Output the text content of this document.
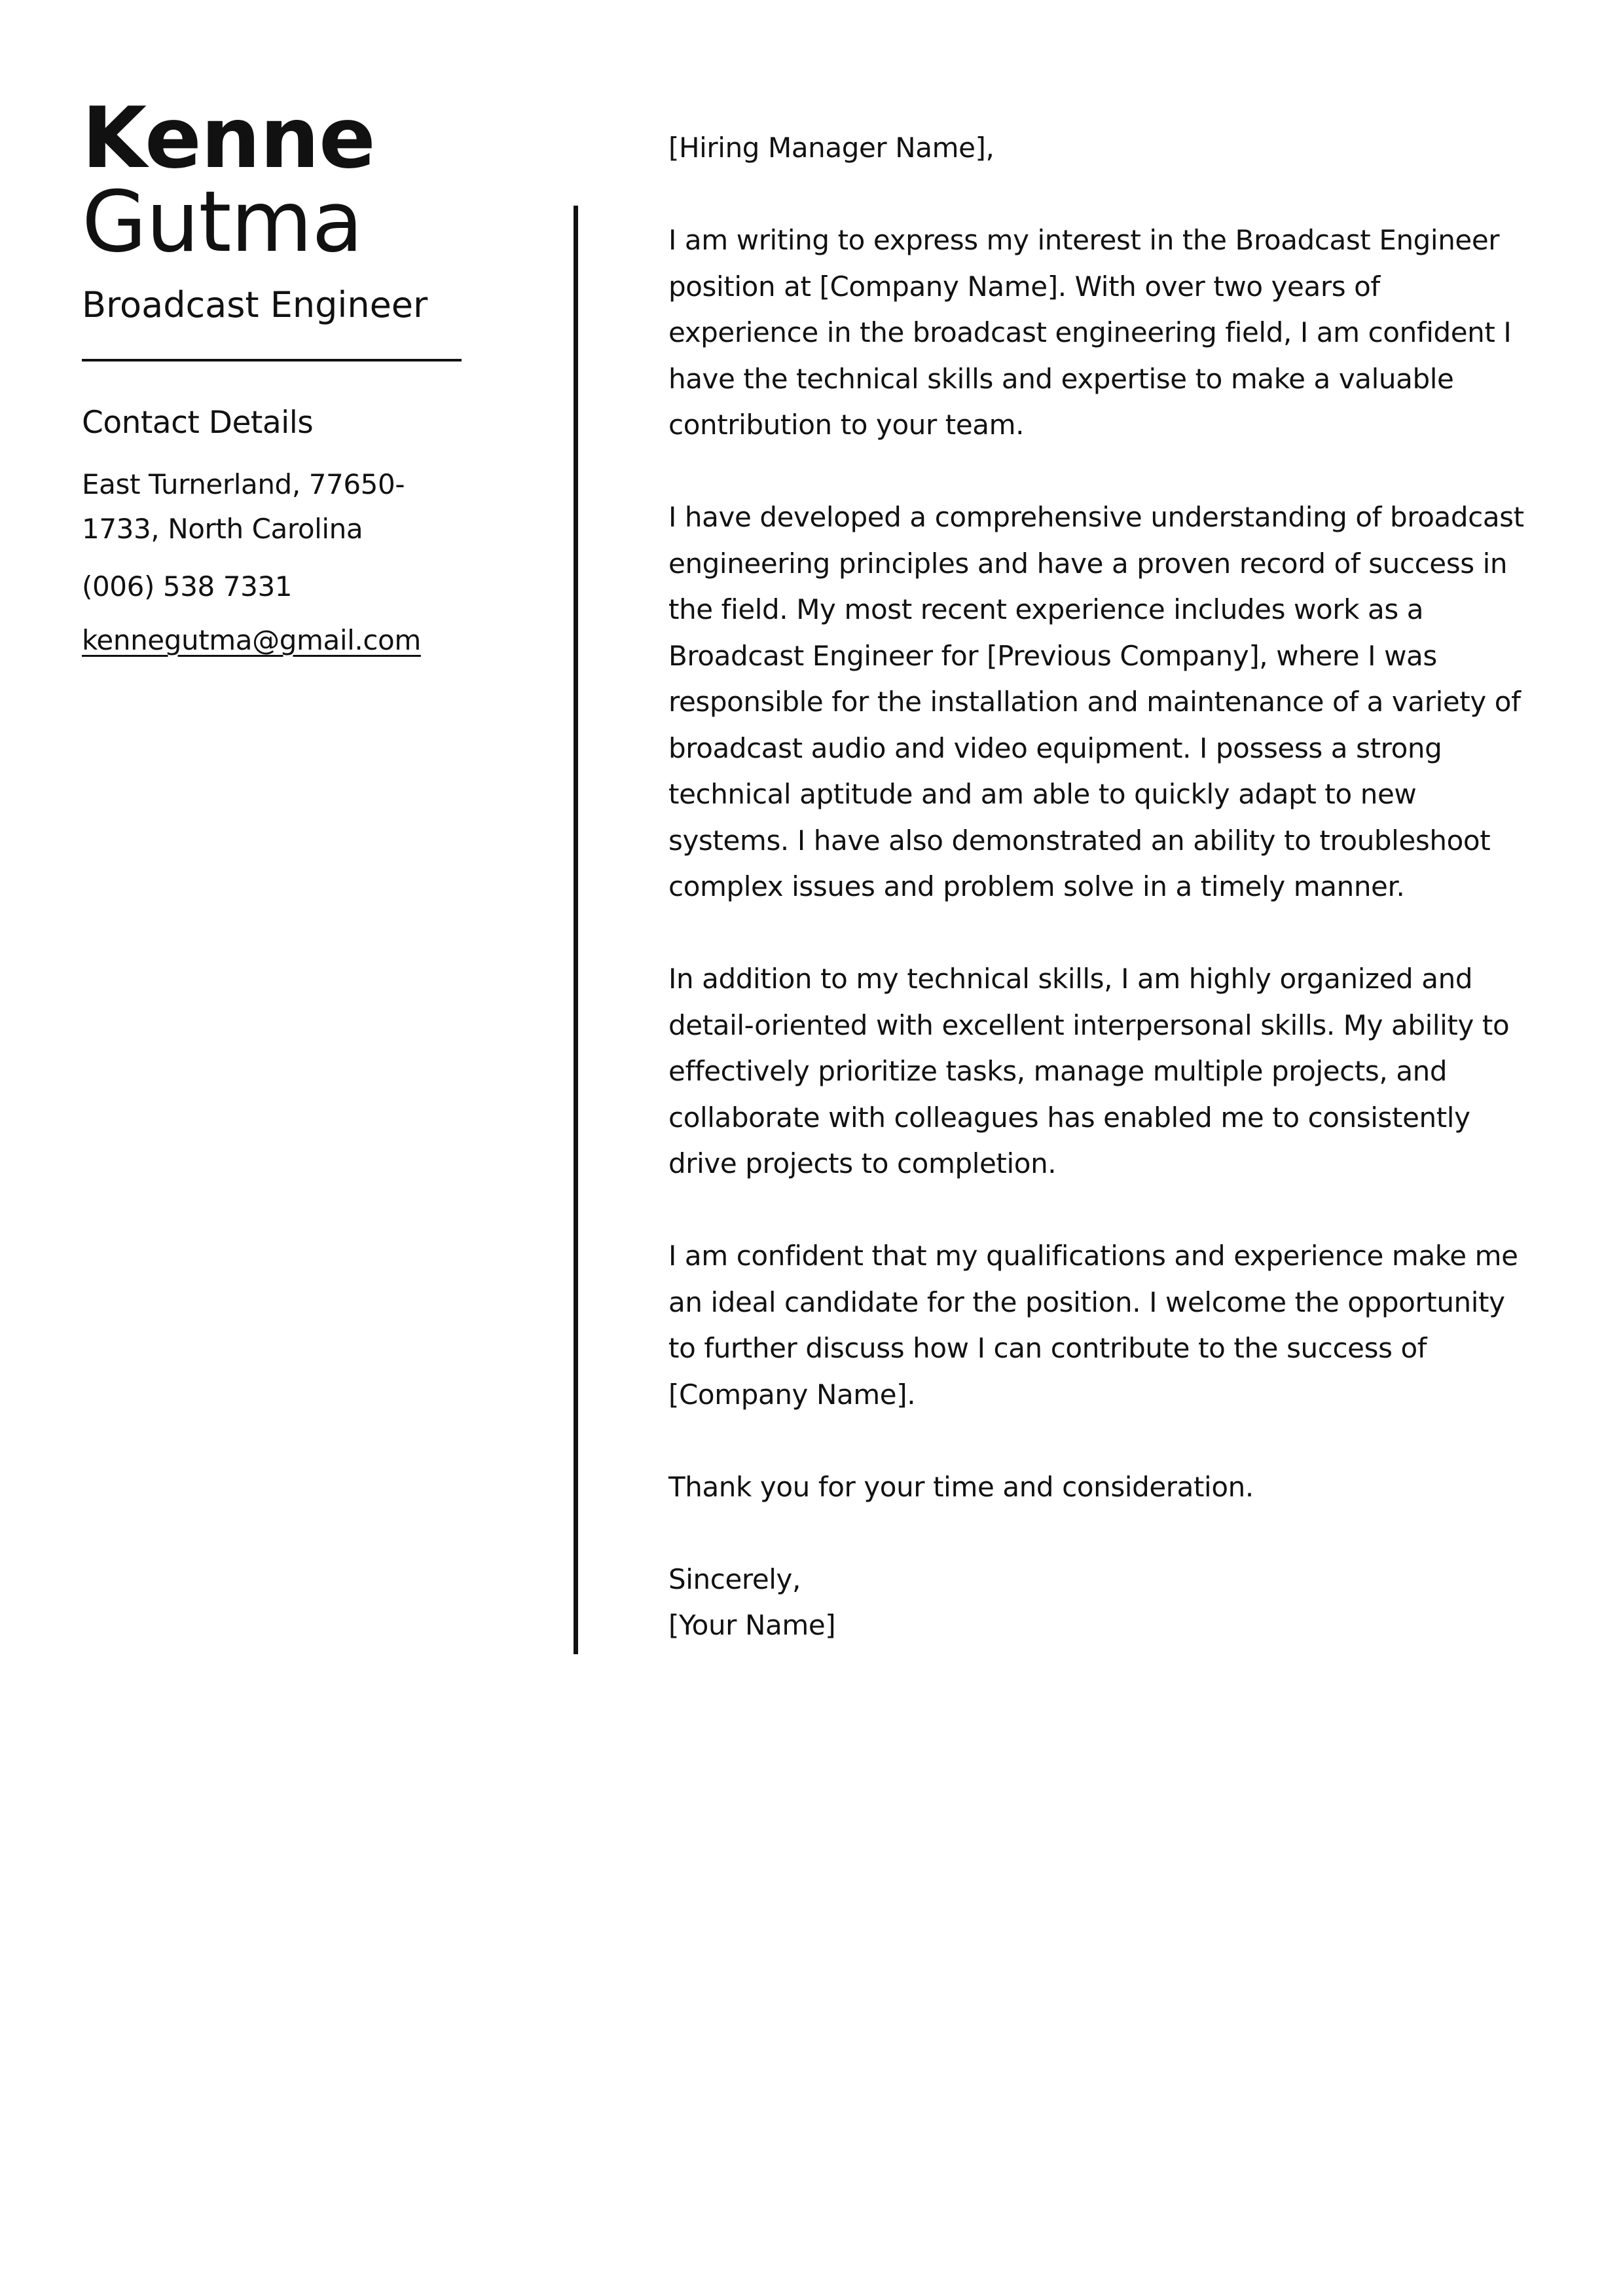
Kenne
Gutma
Broadcast Engineer
Contact Details
East Turnerland, 77650-1733, North Carolina
(006) 538 7331
kennegutma@gmail.com

[Hiring Manager Name],

I am writing to express my interest in the Broadcast Engineer position at [Company Name]. With over two years of experience in the broadcast engineering field, I am confident I have the technical skills and expertise to make a valuable contribution to your team.

I have developed a comprehensive understanding of broadcast engineering principles and have a proven record of success in the field. My most recent experience includes work as a Broadcast Engineer for [Previous Company], where I was responsible for the installation and maintenance of a variety of broadcast audio and video equipment. I possess a strong technical aptitude and am able to quickly adapt to new systems. I have also demonstrated an ability to troubleshoot complex issues and problem solve in a timely manner.

In addition to my technical skills, I am highly organized and detail-oriented with excellent interpersonal skills. My ability to effectively prioritize tasks, manage multiple projects, and collaborate with colleagues has enabled me to consistently drive projects to completion.

I am confident that my qualifications and experience make me an ideal candidate for the position. I welcome the opportunity to further discuss how I can contribute to the success of [Company Name].

Thank you for your time and consideration.

Sincerely,
[Your Name]
